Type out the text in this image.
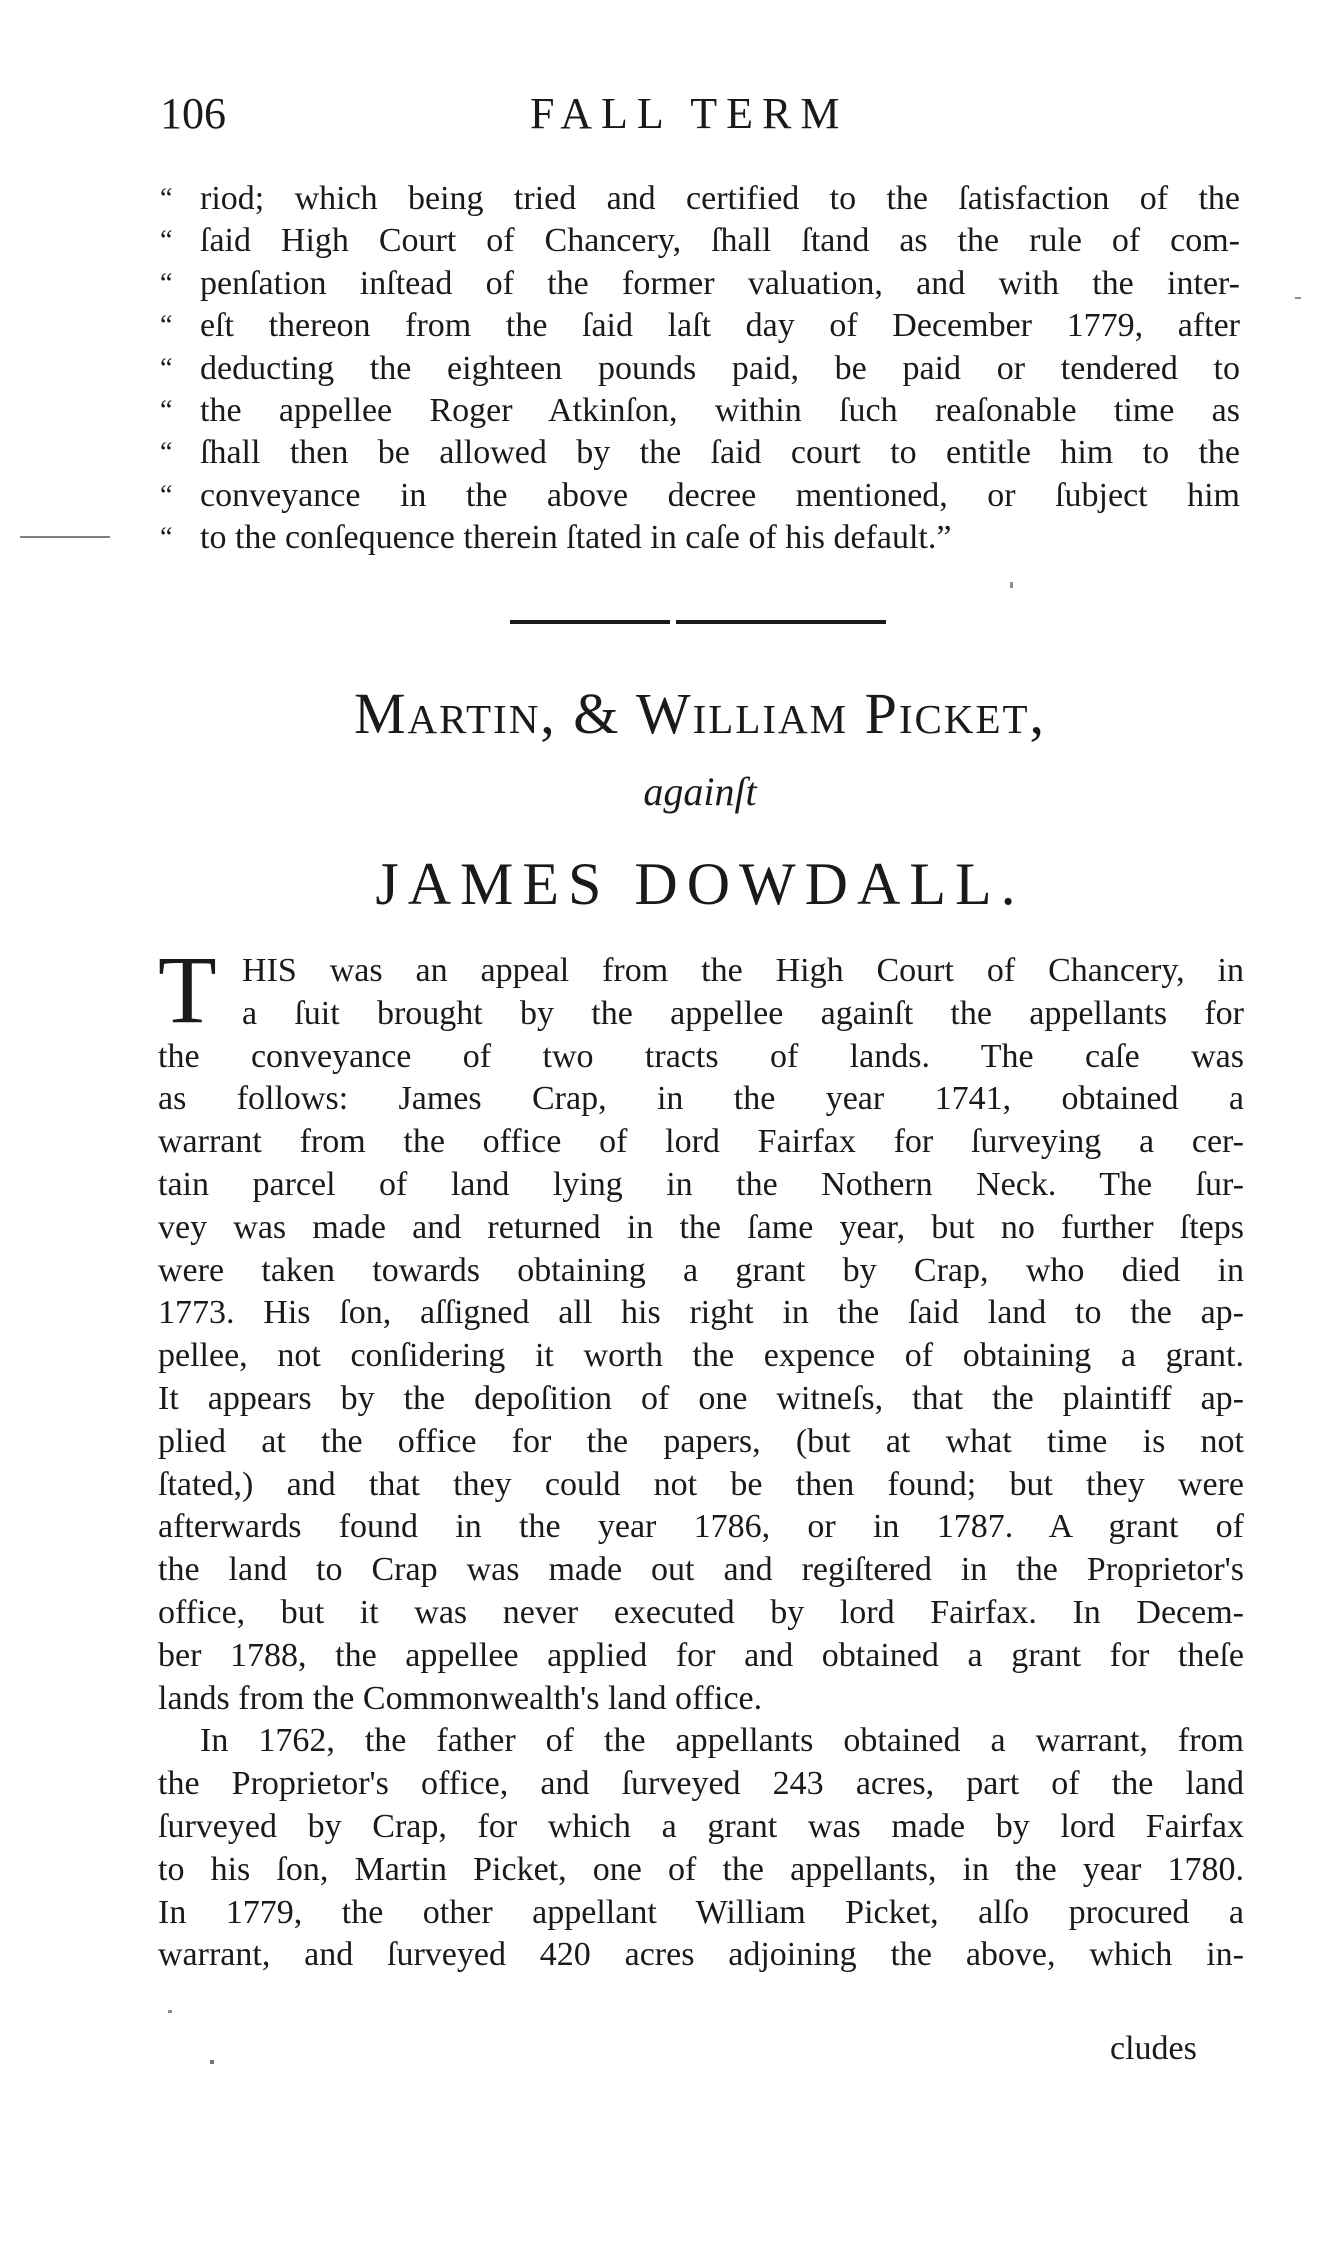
106	FALL TERM
“ riod; which being tried and certified to the ſatisfaction of the
“ ſaid High Court of Chancery, ſhall ſtand as the rule of com-
“ penſation inſtead of the former valuation, and with the inter-
“ eſt thereon from the ſaid laſt day of December 1779, after
“ deducting the eighteen pounds paid, be paid or tendered to
“ the appellee Roger Atkinſon, within ſuch reaſonable time as
“ ſhall then be allowed by the ſaid court to entitle him to the
“ conveyance in the above decree mentioned, or ſubject him
“ to the conſequence therein ſtated in caſe of his default.”
Martin, & William Picket,
againſt
JAMES DOWDALL.
T HIS was an appeal from the High Court of Chancery, in
a ſuit brought by the appellee againſt the appellants for
the conveyance of two tracts of lands. The caſe was
as follows: James Crap, in the year 1741, obtained a
warrant from the office of lord Fairfax for ſurveying a cer-
tain parcel of land lying in the Nothern Neck. The ſur-
vey was made and returned in the ſame year, but no further ſteps
were taken towards obtaining a grant by Crap, who died in
1773. His ſon, aſſigned all his right in the ſaid land to the ap-
pellee, not conſidering it worth the expence of obtaining a grant.
It appears by the depoſition of one witneſs, that the plaintiff ap-
plied at the office for the papers, (but at what time is not
ſtated,) and that they could not be then found; but they were
afterwards found in the year 1786, or in 1787. A grant of
the land to Crap was made out and regiſtered in the Proprietor's
office, but it was never executed by lord Fairfax. In Decem-
ber 1788, the appellee applied for and obtained a grant for theſe
lands from the Commonwealth's land office.
In 1762, the father of the appellants obtained a warrant, from
the Proprietor's office, and ſurveyed 243 acres, part of the land
ſurveyed by Crap, for which a grant was made by lord Fairfax
to his ſon, Martin Picket, one of the appellants, in the year 1780.
In 1779, the other appellant William Picket, alſo procured a
warrant, and ſurveyed 420 acres adjoining the above, which in-
cludes
